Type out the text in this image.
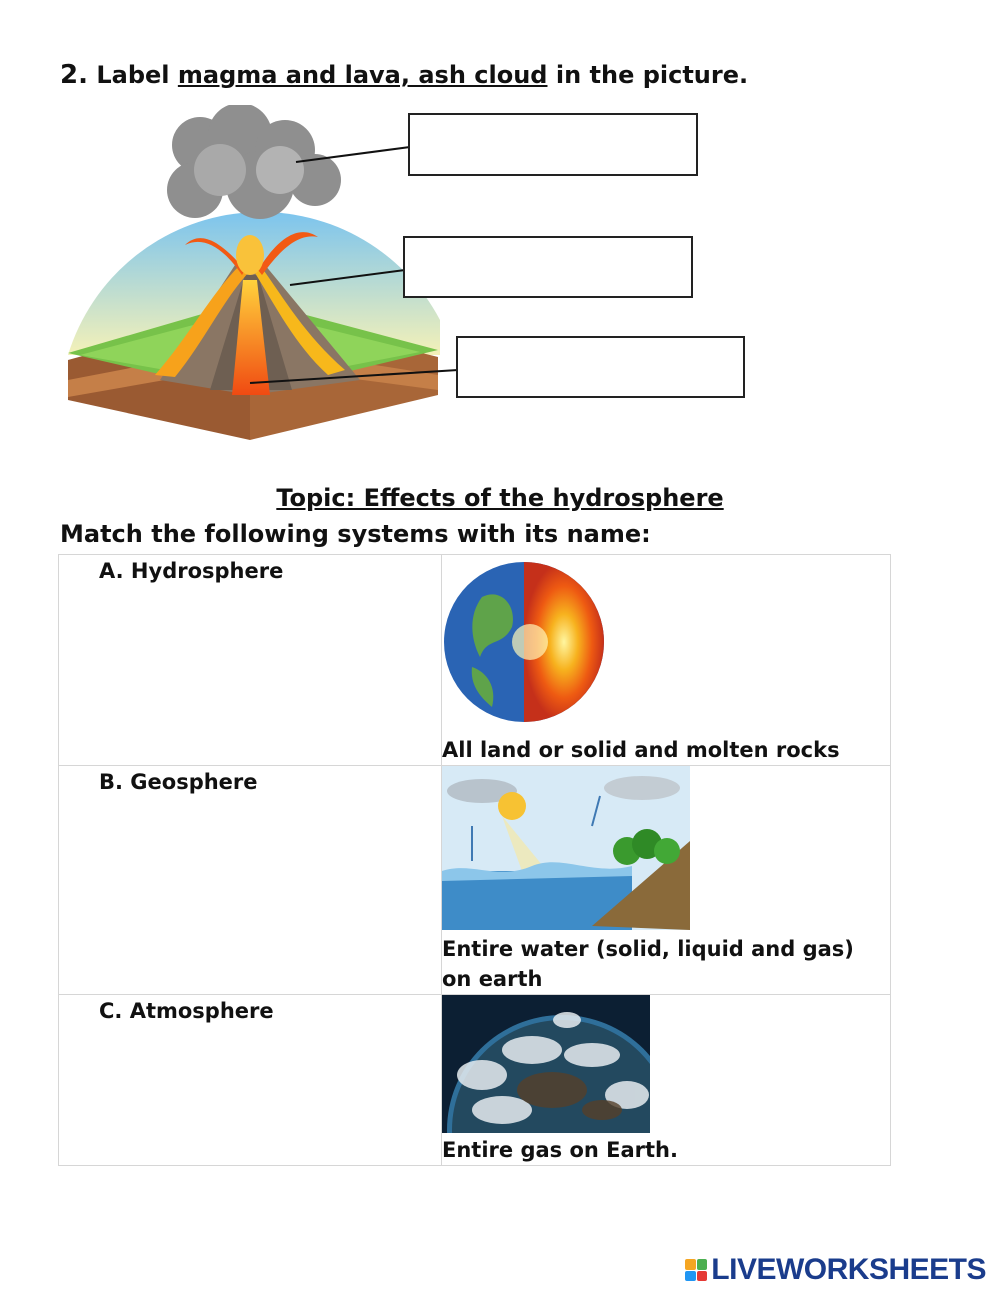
2. Label magma and lava, ash cloud in the picture.
Topic: Effects of the hydrosphere
Match the following systems with its name:
A. Hydrosphere	All land or solid and molten rocks

B. Geosphere	Entire water (solid, liquid and gas) on earth

C. Atmosphere	Entire gas on Earth.
LIVEWORKSHEETS
